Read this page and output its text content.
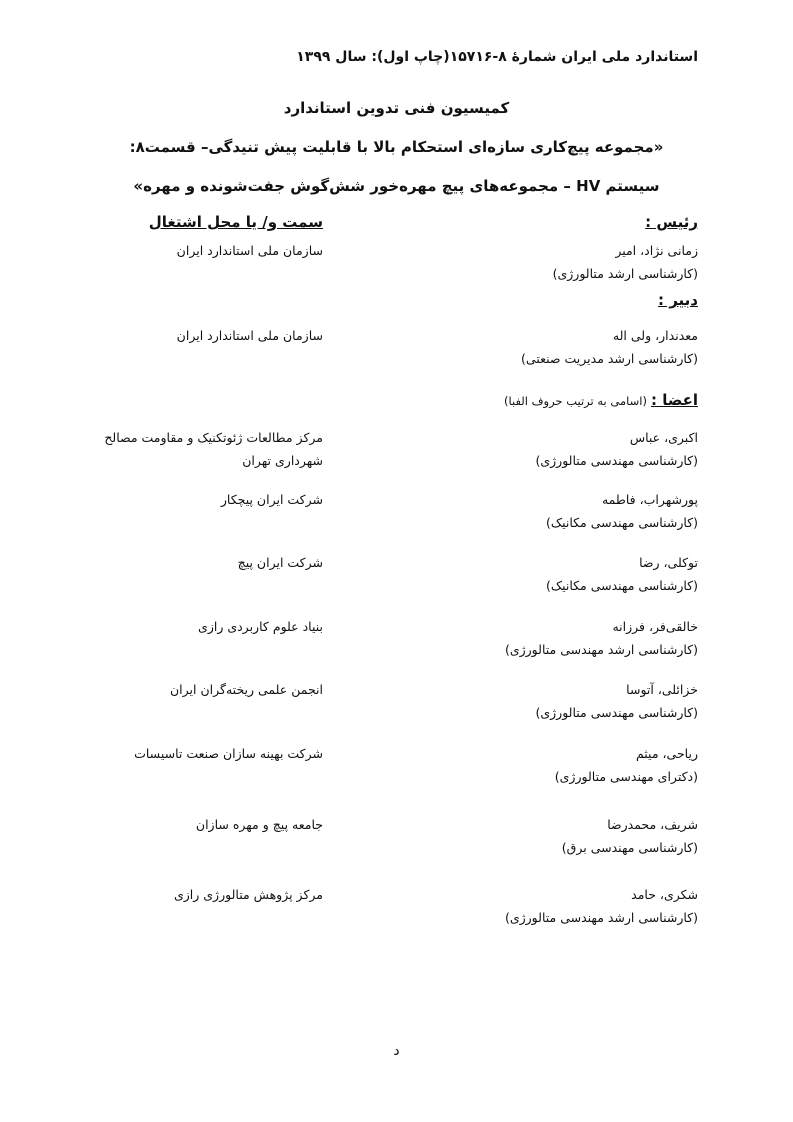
استاندارد ملی ایران شمارۀ ۸-۱۵۷۱۶(چاپ اول): سال ۱۳۹۹
کمیسیون فنی تدوین استاندارد
«مجموعه پیچ‌کاری سازه‌ای استحکام بالا با قابلیت پیش تنیدگی– قسمت۸:
سیستم HV – مجموعه‌های پیچ مهره‌خور شش‌گوش جفت‌شونده و مهره»
رئیس :
سمت و/ یا محل اشتغال
زمانی نژاد، امیر
(کارشناسی ارشد متالورژی)
سازمان ملی استاندارد ایران
دبیر :
معدندار، ولی اله
(کارشناسی ارشد مدیریت صنعتی)
سازمان ملی استاندارد ایران
اعضا :(اسامی به ترتیب حروف الفبا)
اکبری، عباس
(کارشناسی مهندسی متالورژی)
مرکز مطالعات ژئوتکنیک و مقاومت مصالح
شهرداری تهران
پورشهراب، فاطمه
(کارشناسی مهندسی مکانیک)
شرکت ایران پیچکار
توکلی، رضا
(کارشناسی مهندسی مکانیک)
شرکت ایران پیچ
خالقی‌فر، فرزانه
(کارشناسی ارشد مهندسی متالورژی)
بنیاد علوم کاربردی رازی
خزائلی، آتوسا
(کارشناسی مهندسی متالورژی)
انجمن علمی ریخته‌گران ایران
ریاحی، میثم
(دکترای مهندسی متالورژی)
شرکت بهینه سازان صنعت تاسیسات
شریف، محمدرضا
(کارشناسی مهندسی برق)
جامعه پیچ و مهره سازان
شکری، حامد
(کارشناسی ارشد مهندسی متالورژی)
مرکز پژوهش متالورژی رازی
د
